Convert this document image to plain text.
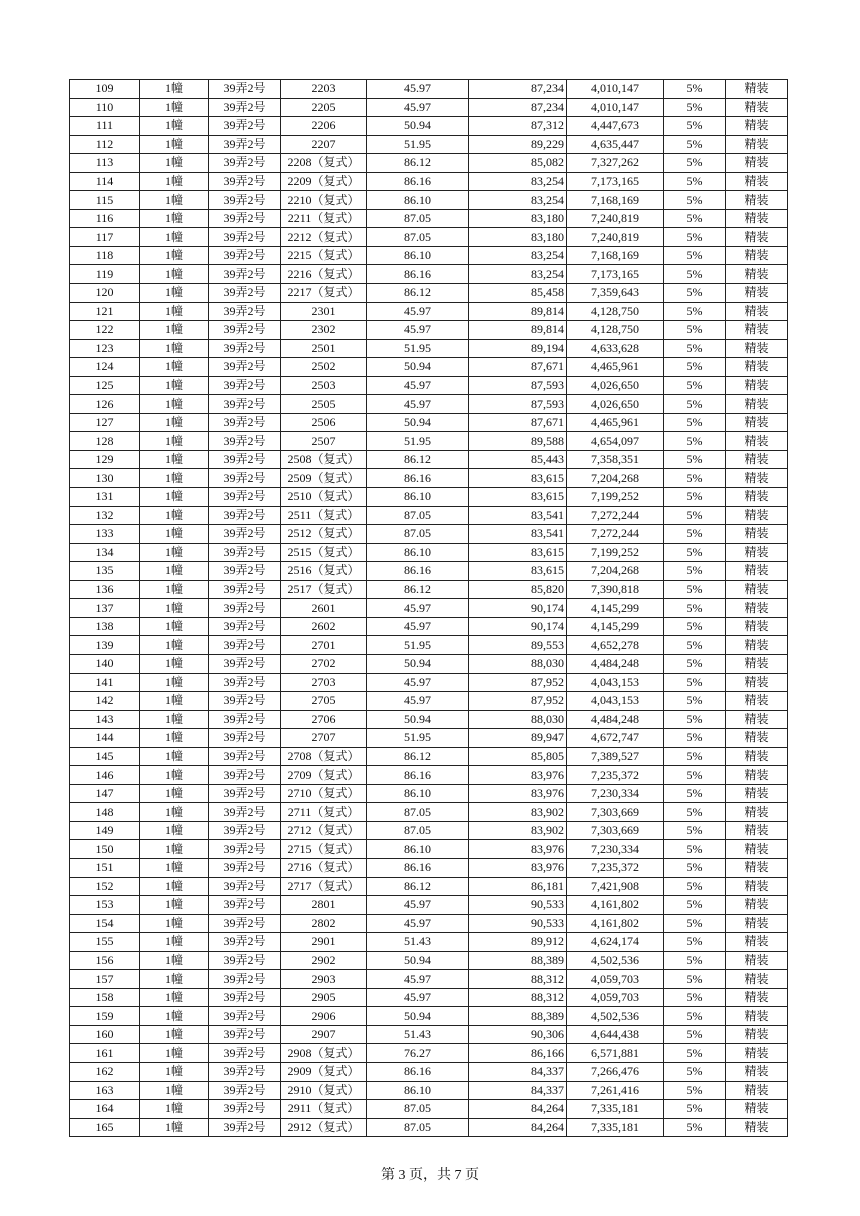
109	1幢	39弄2号	2203	45.97	87,234	4,010,147	5%	精装
110	1幢	39弄2号	2205	45.97	87,234	4,010,147	5%	精装
111	1幢	39弄2号	2206	50.94	87,312	4,447,673	5%	精装
112	1幢	39弄2号	2207	51.95	89,229	4,635,447	5%	精装
113	1幢	39弄2号	2208（复式）	86.12	85,082	7,327,262	5%	精装
114	1幢	39弄2号	2209（复式）	86.16	83,254	7,173,165	5%	精装
115	1幢	39弄2号	2210（复式）	86.10	83,254	7,168,169	5%	精装
116	1幢	39弄2号	2211（复式）	87.05	83,180	7,240,819	5%	精装
117	1幢	39弄2号	2212（复式）	87.05	83,180	7,240,819	5%	精装
118	1幢	39弄2号	2215（复式）	86.10	83,254	7,168,169	5%	精装
119	1幢	39弄2号	2216（复式）	86.16	83,254	7,173,165	5%	精装
120	1幢	39弄2号	2217（复式）	86.12	85,458	7,359,643	5%	精装
121	1幢	39弄2号	2301	45.97	89,814	4,128,750	5%	精装
122	1幢	39弄2号	2302	45.97	89,814	4,128,750	5%	精装
123	1幢	39弄2号	2501	51.95	89,194	4,633,628	5%	精装
124	1幢	39弄2号	2502	50.94	87,671	4,465,961	5%	精装
125	1幢	39弄2号	2503	45.97	87,593	4,026,650	5%	精装
126	1幢	39弄2号	2505	45.97	87,593	4,026,650	5%	精装
127	1幢	39弄2号	2506	50.94	87,671	4,465,961	5%	精装
128	1幢	39弄2号	2507	51.95	89,588	4,654,097	5%	精装
129	1幢	39弄2号	2508（复式）	86.12	85,443	7,358,351	5%	精装
130	1幢	39弄2号	2509（复式）	86.16	83,615	7,204,268	5%	精装
131	1幢	39弄2号	2510（复式）	86.10	83,615	7,199,252	5%	精装
132	1幢	39弄2号	2511（复式）	87.05	83,541	7,272,244	5%	精装
133	1幢	39弄2号	2512（复式）	87.05	83,541	7,272,244	5%	精装
134	1幢	39弄2号	2515（复式）	86.10	83,615	7,199,252	5%	精装
135	1幢	39弄2号	2516（复式）	86.16	83,615	7,204,268	5%	精装
136	1幢	39弄2号	2517（复式）	86.12	85,820	7,390,818	5%	精装
137	1幢	39弄2号	2601	45.97	90,174	4,145,299	5%	精装
138	1幢	39弄2号	2602	45.97	90,174	4,145,299	5%	精装
139	1幢	39弄2号	2701	51.95	89,553	4,652,278	5%	精装
140	1幢	39弄2号	2702	50.94	88,030	4,484,248	5%	精装
141	1幢	39弄2号	2703	45.97	87,952	4,043,153	5%	精装
142	1幢	39弄2号	2705	45.97	87,952	4,043,153	5%	精装
143	1幢	39弄2号	2706	50.94	88,030	4,484,248	5%	精装
144	1幢	39弄2号	2707	51.95	89,947	4,672,747	5%	精装
145	1幢	39弄2号	2708（复式）	86.12	85,805	7,389,527	5%	精装
146	1幢	39弄2号	2709（复式）	86.16	83,976	7,235,372	5%	精装
147	1幢	39弄2号	2710（复式）	86.10	83,976	7,230,334	5%	精装
148	1幢	39弄2号	2711（复式）	87.05	83,902	7,303,669	5%	精装
149	1幢	39弄2号	2712（复式）	87.05	83,902	7,303,669	5%	精装
150	1幢	39弄2号	2715（复式）	86.10	83,976	7,230,334	5%	精装
151	1幢	39弄2号	2716（复式）	86.16	83,976	7,235,372	5%	精装
152	1幢	39弄2号	2717（复式）	86.12	86,181	7,421,908	5%	精装
153	1幢	39弄2号	2801	45.97	90,533	4,161,802	5%	精装
154	1幢	39弄2号	2802	45.97	90,533	4,161,802	5%	精装
155	1幢	39弄2号	2901	51.43	89,912	4,624,174	5%	精装
156	1幢	39弄2号	2902	50.94	88,389	4,502,536	5%	精装
157	1幢	39弄2号	2903	45.97	88,312	4,059,703	5%	精装
158	1幢	39弄2号	2905	45.97	88,312	4,059,703	5%	精装
159	1幢	39弄2号	2906	50.94	88,389	4,502,536	5%	精装
160	1幢	39弄2号	2907	51.43	90,306	4,644,438	5%	精装
161	1幢	39弄2号	2908（复式）	76.27	86,166	6,571,881	5%	精装
162	1幢	39弄2号	2909（复式）	86.16	84,337	7,266,476	5%	精装
163	1幢	39弄2号	2910（复式）	86.10	84,337	7,261,416	5%	精装
164	1幢	39弄2号	2911（复式）	87.05	84,264	7,335,181	5%	精装
165	1幢	39弄2号	2912（复式）	87.05	84,264	7,335,181	5%	精装
第 3 页，共 7 页
